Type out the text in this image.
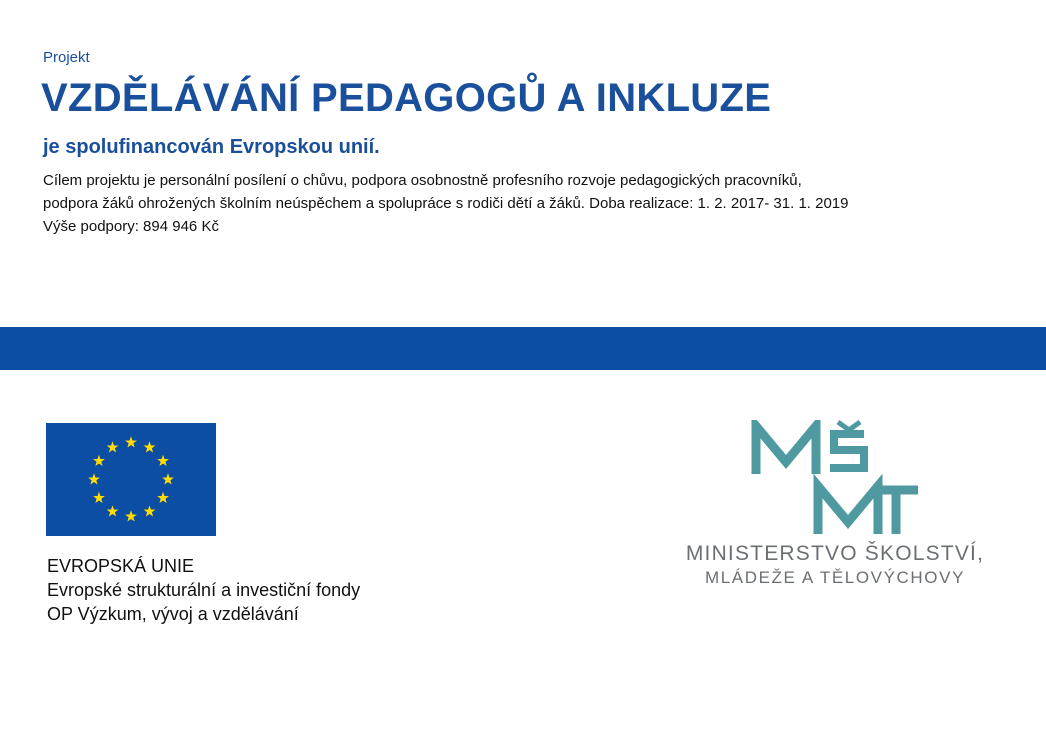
Projekt
VZDĚLÁVÁNÍ PEDAGOGŮ A INKLUZE
je spolufinancován Evropskou unií.
Cílem projektu je personální posílení o chůvu, podpora osobnostně profesního rozvoje pedagogických pracovníků,
podpora žáků ohrožených školním neúspěchem a spolupráce s rodiči dětí a žáků. Doba realizace: 1. 2. 2017- 31. 1. 2019
Výše podpory: 894 946 Kč
EVROPSKÁ UNIE
Evropské strukturální a investiční fondy
OP Výzkum, vývoj a vzdělávání
MINISTERSTVO ŠKOLSTVÍ,
MLÁDEŽE A TĚLOVÝCHOVY
